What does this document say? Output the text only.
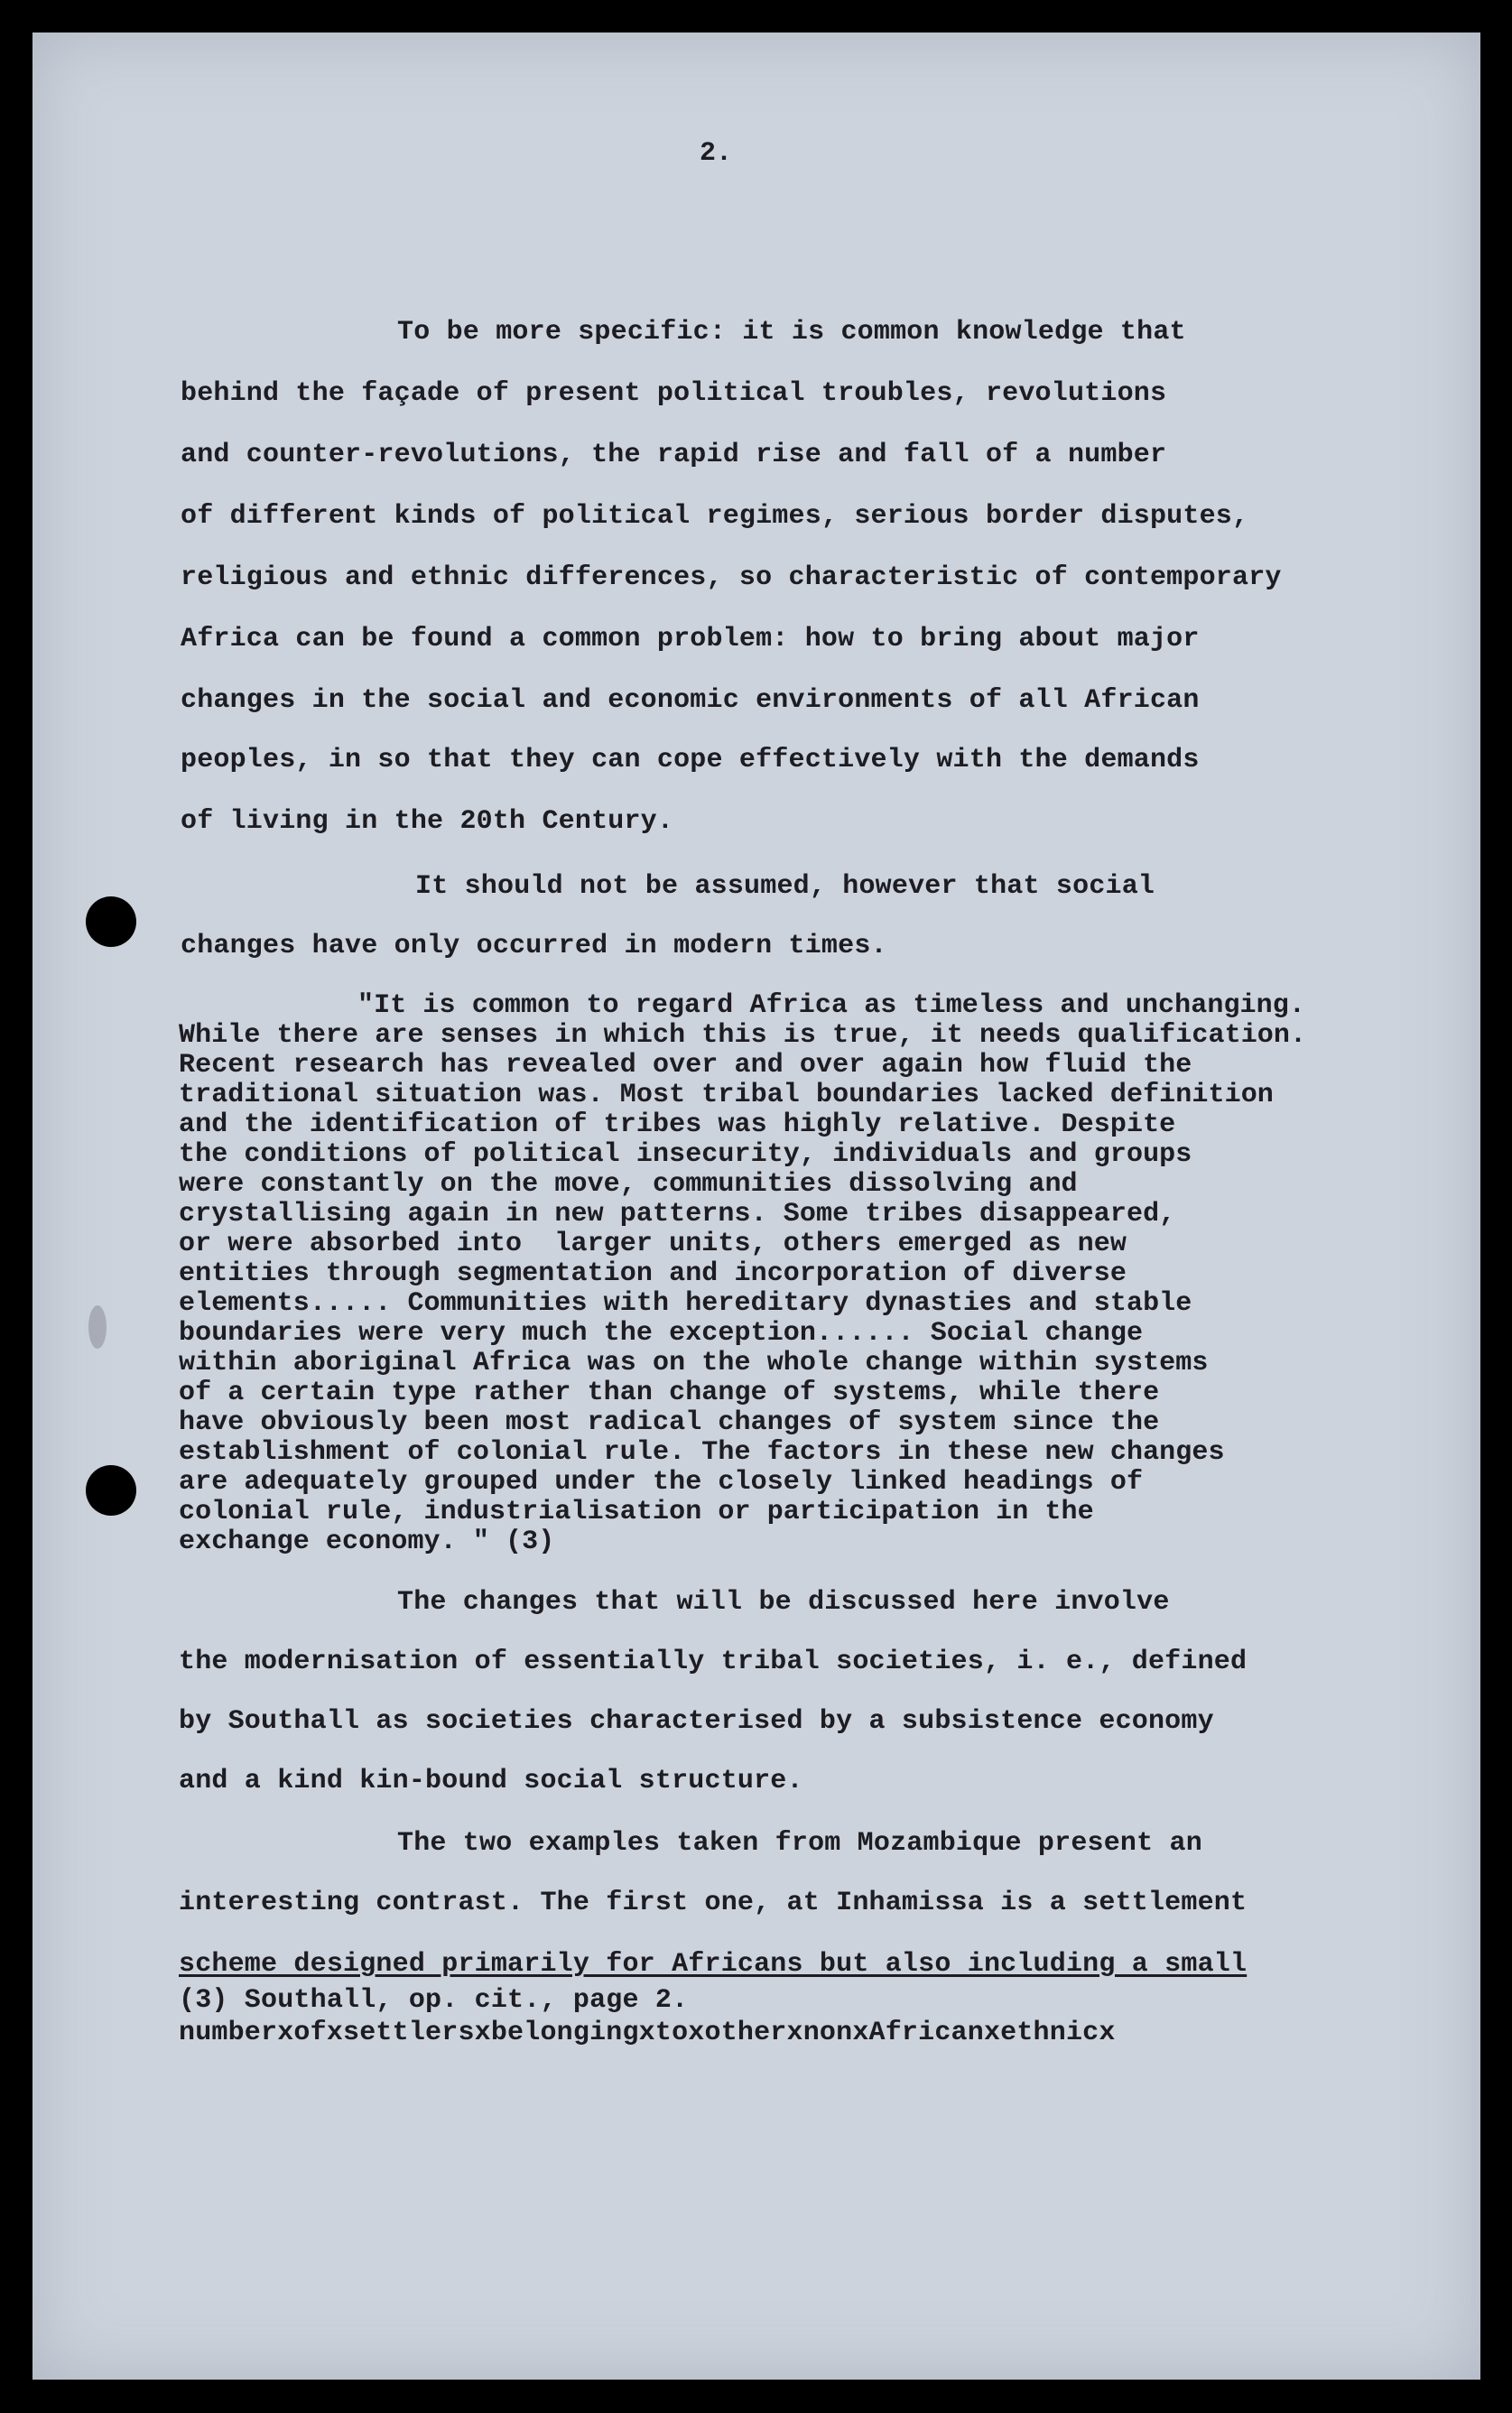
2.
To be more specific: it is common knowledge that
behind the façade of present political troubles, revolutions
and counter-revolutions, the rapid rise and fall of a number
of different kinds of political regimes, serious border disputes,
religious and ethnic differences, so characteristic of contemporary
Africa can be found a common problem: how to bring about major
changes in the social and economic environments of all African
peoples, in so that they can cope effectively with the demands
of living in the 20th Century.
It should not be assumed, however that social
changes have only occurred in modern times.
"It is common to regard Africa as timeless and unchanging.
While there are senses in which this is true, it needs qualification.
Recent research has revealed over and over again how fluid the
traditional situation was. Most tribal boundaries lacked definition
and the identification of tribes was highly relative. Despite
the conditions of political insecurity, individuals and groups
were constantly on the move, communities dissolving and
crystallising again in new patterns. Some tribes disappeared,
or were absorbed into  larger units, others emerged as new
entities through segmentation and incorporation of diverse
elements..... Communities with hereditary dynasties and stable
boundaries were very much the exception...... Social change
within aboriginal Africa was on the whole change within systems
of a certain type rather than change of systems, while there
have obviously been most radical changes of system since the
establishment of colonial rule. The factors in these new changes
are adequately grouped under the closely linked headings of
colonial rule, industrialisation or participation in the
exchange economy. " (3)
The changes that will be discussed here involve
the modernisation of essentially tribal societies, i. e., defined
by Southall as societies characterised by a subsistence economy
and a kind kin-bound social structure.
The two examples taken from Mozambique present an
interesting contrast. The first one, at Inhamissa is a settlement
scheme designed primarily for Africans but also including a small
(3) Southall, op. cit., page 2.
numberxofxsettlersxbelongingxtoxotherxnonxAfricanxethnicx
